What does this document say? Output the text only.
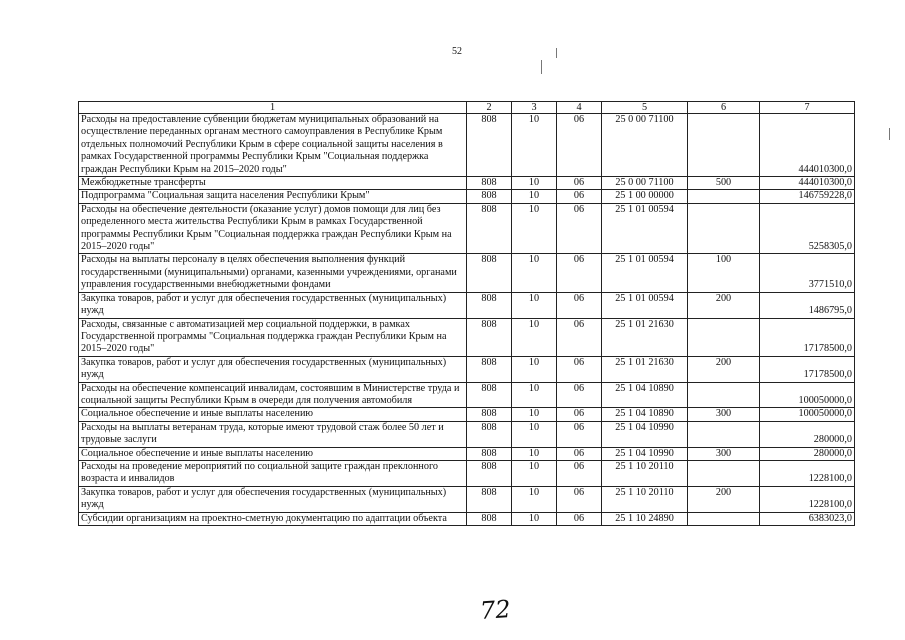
52
1	2	3	4	5	6	7
Расходы на предоставление субвенции бюджетам муниципальных образований на осуществление переданных органам местного самоуправления в Республике Крым отдельных полномочий Республики Крым в сфере социальной защиты населения в рамках Государственной программы Республики Крым "Социальная поддержка граждан Республики Крым на 2015–2020 годы"	808	10	06	25 0 00 71100		444010300,0
Межбюджетные трансферты	808	10	06	25 0 00 71100	500	444010300,0
Подпрограмма "Социальная защита населения Республики Крым"	808	10	06	25 1 00 00000		146759228,0
Расходы на обеспечение деятельности (оказание услуг) домов помощи для лиц без определенного места жительства Республики Крым в рамках Государственной программы Республики Крым "Социальная поддержка граждан Республики Крым на 2015–2020 годы"	808	10	06	25 1 01 00594		5258305,0
Расходы на выплаты персоналу в целях обеспечения выполнения функций государственными (муниципальными) органами, казенными учреждениями, органами управления государственными внебюджетными фондами	808	10	06	25 1 01 00594	100	3771510,0
Закупка товаров, работ и услуг для обеспечения государственных (муниципальных) нужд	808	10	06	25 1 01 00594	200	1486795,0
Расходы, связанные с автоматизацией мер социальной поддержки, в рамках Государственной программы "Социальная поддержка граждан Республики Крым на 2015–2020 годы"	808	10	06	25 1 01 21630		17178500,0
Закупка товаров, работ и услуг для обеспечения государственных (муниципальных) нужд	808	10	06	25 1 01 21630	200	17178500,0
Расходы на обеспечение компенсаций инвалидам, состоявшим в Министерстве труда и социальной защиты Республики Крым в очереди для получения автомобиля	808	10	06	25 1 04 10890		100050000,0
Социальное обеспечение и иные выплаты населению	808	10	06	25 1 04 10890	300	100050000,0
Расходы на выплаты ветеранам труда, которые имеют трудовой стаж более 50 лет и трудовые заслуги	808	10	06	25 1 04 10990		280000,0
Социальное обеспечение и иные выплаты населению	808	10	06	25 1 04 10990	300	280000,0
Расходы на проведение мероприятий по социальной защите граждан преклонного возраста и инвалидов	808	10	06	25 1 10 20110		1228100,0
Закупка товаров, работ и услуг для обеспечения государственных (муниципальных) нужд	808	10	06	25 1 10 20110	200	1228100,0
Субсидии организациям на проектно-сметную документацию по адаптации объекта	808	10	06	25 1 10 24890		6383023,0
72
